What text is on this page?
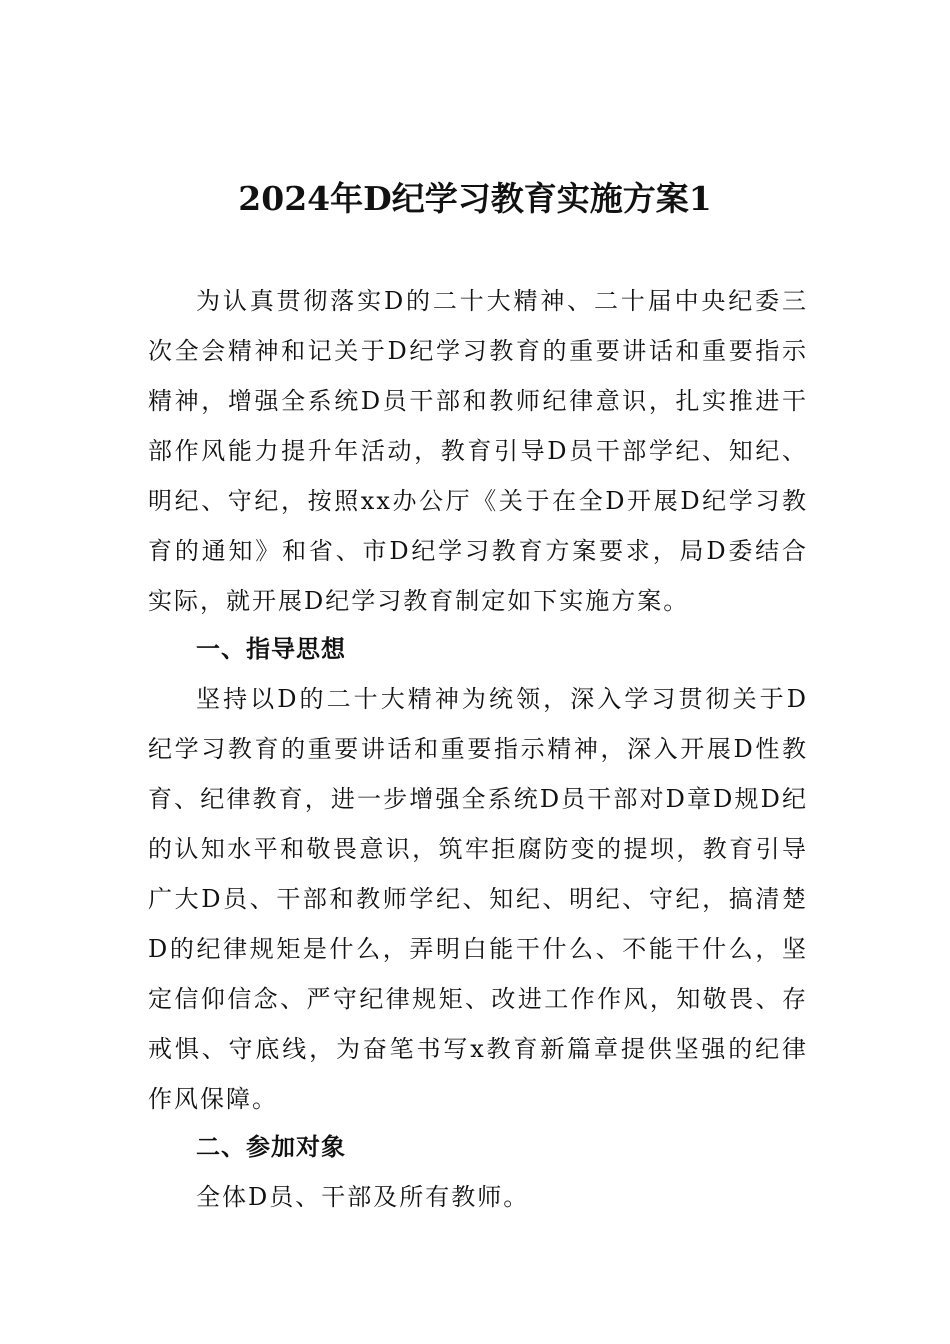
2024年D纪学习教育实施方案1

为认真贯彻落实D的二十大精神、二十届中央纪委三次全会精神和记关于D纪学习教育的重要讲话和重要指示精神，增强全系统D员干部和教师纪律意识，扎实推进干部作风能力提升年活动，教育引导D员干部学纪、知纪、明纪、守纪，按照xx办公厅《关于在全D开展D纪学习教育的通知》和省、市D纪学习教育方案要求，局D委结合实际，就开展D纪学习教育制定如下实施方案。

一、指导思想

坚持以D的二十大精神为统领，深入学习贯彻关于D纪学习教育的重要讲话和重要指示精神，深入开展D性教育、纪律教育，进一步增强全系统D员干部对D章D规D纪的认知水平和敬畏意识，筑牢拒腐防变的提坝，教育引导广大D员、干部和教师学纪、知纪、明纪、守纪，搞清楚D的纪律规矩是什么，弄明白能干什么、不能干什么，坚定信仰信念、严守纪律规矩、改进工作作风，知敬畏、存戒惧、守底线，为奋笔书写x教育新篇章提供坚强的纪律作风保障。

二、参加对象

全体D员、干部及所有教师。
